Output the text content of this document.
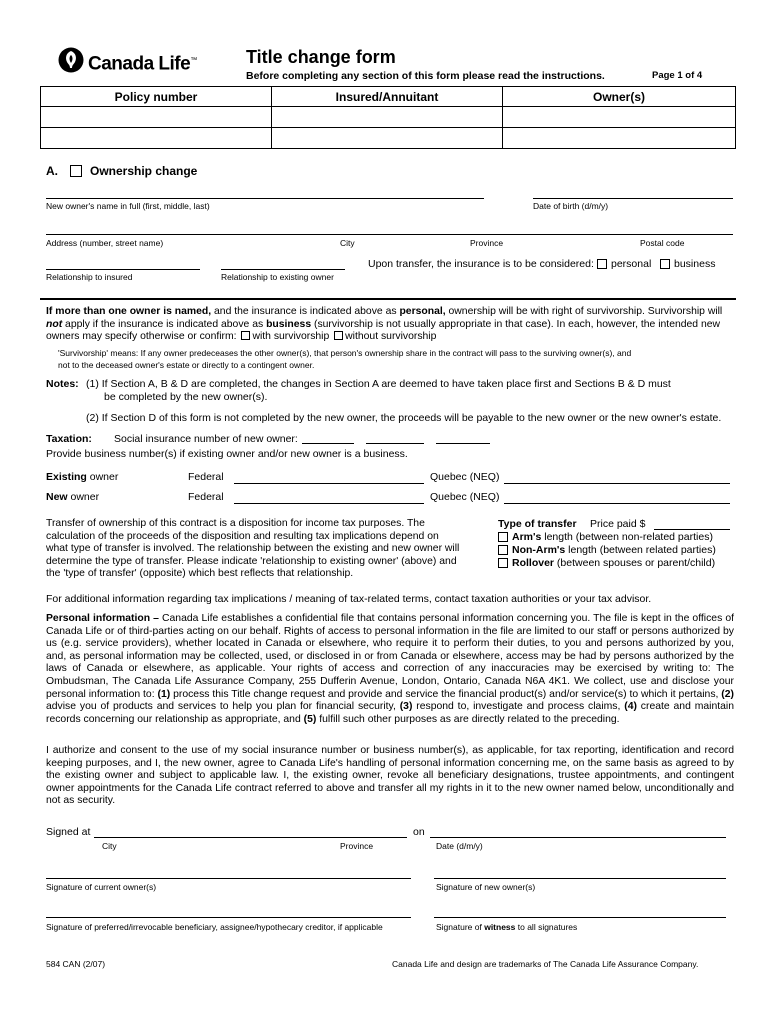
Canada Life™	Title change form
Before completing any section of this form please read the instructions.	Page 1 of 4
Policy number	Insured/Annuitant	Owner(s)

A.	Ownership change
New owner's name in full (first, middle, last)	Date of birth (d/m/y)
Address (number, street name)	City	Province	Postal code
Relationship to insured	Relationship to existing owner
Upon transfer, the insurance is to be considered: personal business
If more than one owner is named, and the insurance is indicated above as personal, ownership will be with right of survivorship. Survivorship will not apply if the insurance is indicated above as business (survivorship is not usually appropriate in that case). In each, however, the intended new owners may specify otherwise or confirm: with survivorship without survivorship
'Survivorship' means: If any owner predeceases the other owner(s), that person's ownership share in the contract will pass to the surviving owner(s), and
not to the deceased owner's estate or directly to a contingent owner.
Notes: (1) If Section A, B & D are completed, the changes in Section A are deemed to have taken place first and Sections B & D must
be completed by the new owner(s).
(2) If Section D of this form is not completed by the new owner, the proceeds will be payable to the new owner or the new owner's estate.
Taxation: Social insurance number of new owner:
Provide business number(s) if existing owner and/or new owner is a business.
Existing owner	Federal	Quebec (NEQ)
New owner	Federal	Quebec (NEQ)
Transfer of ownership of this contract is a disposition for income tax purposes. The calculation of the proceeds of the disposition and resulting tax implications depend on what type of transfer is involved. The relationship between the existing and new owner will determine the type of transfer. Please indicate 'relationship to existing owner' (above) and the 'type of transfer' (opposite) which best reflects that relationship.
Type of transfer Price paid $
Arm's length (between non-related parties)
Non-Arm's length (between related parties)
Rollover (between spouses or parent/child)
For additional information regarding tax implications / meaning of tax-related terms, contact taxation authorities or your tax advisor.
Personal information – Canada Life establishes a confidential file that contains personal information concerning you. The file is kept in the offices of Canada Life or of third-parties acting on our behalf. Rights of access to personal information in the file are limited to our staff or persons authorized by us (e.g. service providers), whether located in Canada or elsewhere, who require it to perform their duties, to you and persons authorized by you, and, as personal information may be collected, used, or disclosed in or from Canada or elsewhere, access may be had by persons authorized by the laws of Canada or elsewhere, as applicable. Your rights of access and correction of any inaccuracies may be exercised by writing to: The Ombudsman, The Canada Life Assurance Company, 255 Dufferin Avenue, London, Ontario, Canada N6A 4K1. We collect, use and disclose your personal information to: (1) process this Title change request and provide and service the financial product(s) and/or service(s) to which it pertains, (2) advise you of products and services to help you plan for financial security, (3) respond to, investigate and process claims, (4) create and maintain records concerning our relationship as appropriate, and (5) fulfill such other purposes as are directly related to the preceding.
I authorize and consent to the use of my social insurance number or business number(s), as applicable, for tax reporting, identification and record keeping purposes, and I, the new owner, agree to Canada Life's handling of personal information concerning me, on the same basis as agreed to by the existing owner and subject to applicable law. I, the existing owner, revoke all beneficiary designations, trustee appointments, and contingent owner appointments for the Canada Life contract referred to above and transfer all my rights in it to the new owner named below, unconditionally and not as security.
Signed at	on
City	Province	Date (d/m/y)
Signature of current owner(s)	Signature of new owner(s)
Signature of preferred/irrevocable beneficiary, assignee/hypothecary creditor, if applicable	Signature of witness to all signatures
584 CAN (2/07)	Canada Life and design are trademarks of The Canada Life Assurance Company.
